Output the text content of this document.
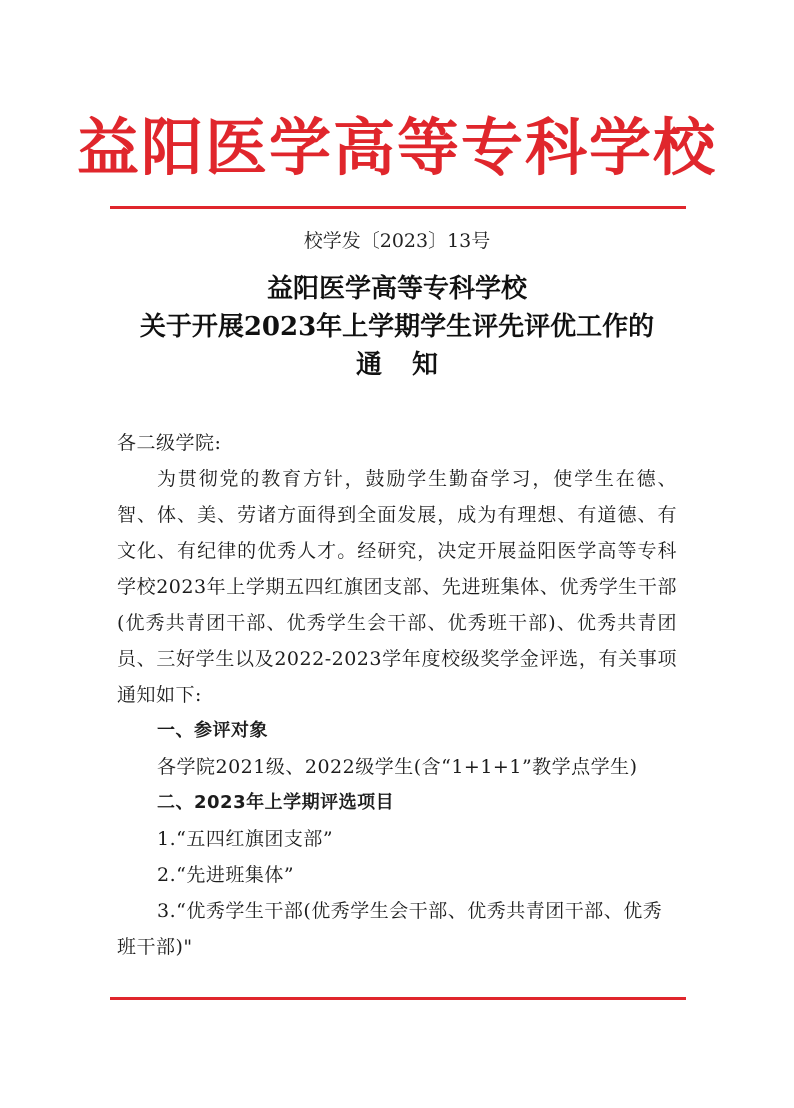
益阳医学高等专科学校
校学发〔2023〕13号
益阳医学高等专科学校
关于开展2023年上学期学生评先评优工作的
通知

各二级学院:

为贯彻党的教育方针，鼓励学生勤奋学习，使学生在德、智、体、美、劳诸方面得到全面发展，成为有理想、有道德、有文化、有纪律的优秀人才。经研究，决定开展益阳医学高等专科学校2023年上学期五四红旗团支部、先进班集体、优秀学生干部(优秀共青团干部、优秀学生会干部、优秀班干部)、优秀共青团员、三好学生以及2022-2023学年度校级奖学金评选，有关事项通知如下:

一、参评对象

各学院2021级、2022级学生(含“1+1+1”教学点学生)

二、2023年上学期评选项目

1.“五四红旗团支部”

2.“先进班集体”

3.“优秀学生干部(优秀学生会干部、优秀共青团干部、优秀班干部)"
